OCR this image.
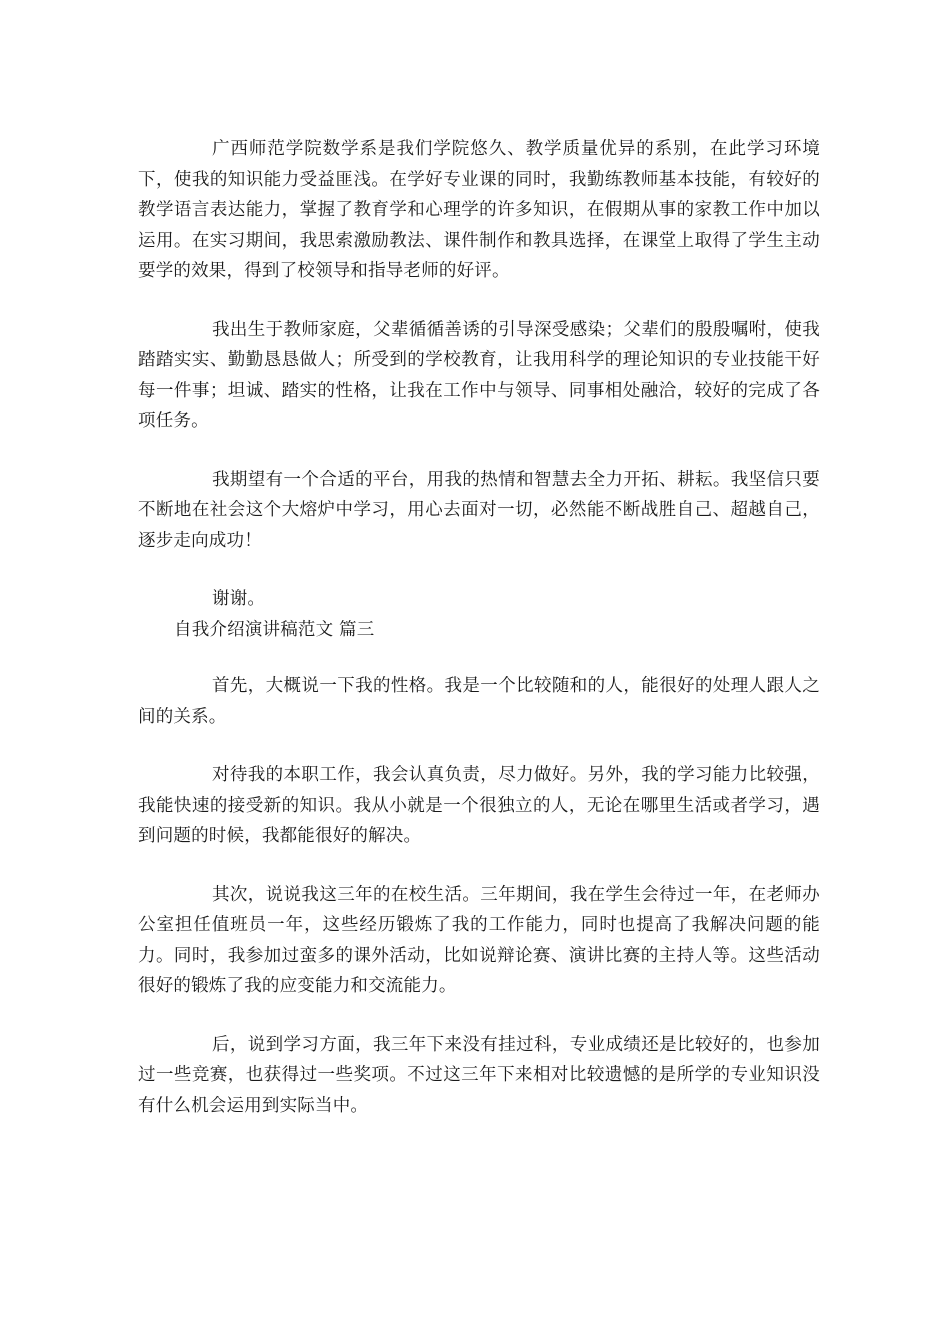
广西师范学院数学系是我们学院悠久、教学质量优异的系别，在此学习环境下，使我的知识能力受益匪浅。在学好专业课的同时，我勤练教师基本技能，有较好的教学语言表达能力，掌握了教育学和心理学的许多知识，在假期从事的家教工作中加以运用。在实习期间，我思索激励教法、课件制作和教具选择，在课堂上取得了学生主动要学的效果，得到了校领导和指导老师的好评。

我出生于教师家庭，父辈循循善诱的引导深受感染；父辈们的殷殷嘱咐，使我踏踏实实、勤勤恳恳做人；所受到的学校教育，让我用科学的理论知识的专业技能干好每一件事；坦诚、踏实的性格，让我在工作中与领导、同事相处融洽，较好的完成了各项任务。

我期望有一个合适的平台，用我的热情和智慧去全力开拓、耕耘。我坚信只要不断地在社会这个大熔炉中学习，用心去面对一切，必然能不断战胜自己、超越自己，逐步走向成功！

谢谢。

自我介绍演讲稿范文 篇三

首先，大概说一下我的性格。我是一个比较随和的人，能很好的处理人跟人之间的关系。

对待我的本职工作，我会认真负责，尽力做好。另外，我的学习能力比较强，我能快速的接受新的知识。我从小就是一个很独立的人，无论在哪里生活或者学习，遇到问题的时候，我都能很好的解决。

其次，说说我这三年的在校生活。三年期间，我在学生会待过一年，在老师办公室担任值班员一年，这些经历锻炼了我的工作能力，同时也提高了我解决问题的能力。同时，我参加过蛮多的课外活动，比如说辩论赛、演讲比赛的主持人等。这些活动很好的锻炼了我的应变能力和交流能力。

后，说到学习方面，我三年下来没有挂过科，专业成绩还是比较好的，也参加过一些竞赛，也获得过一些奖项。不过这三年下来相对比较遗憾的是所学的专业知识没有什么机会运用到实际当中。
